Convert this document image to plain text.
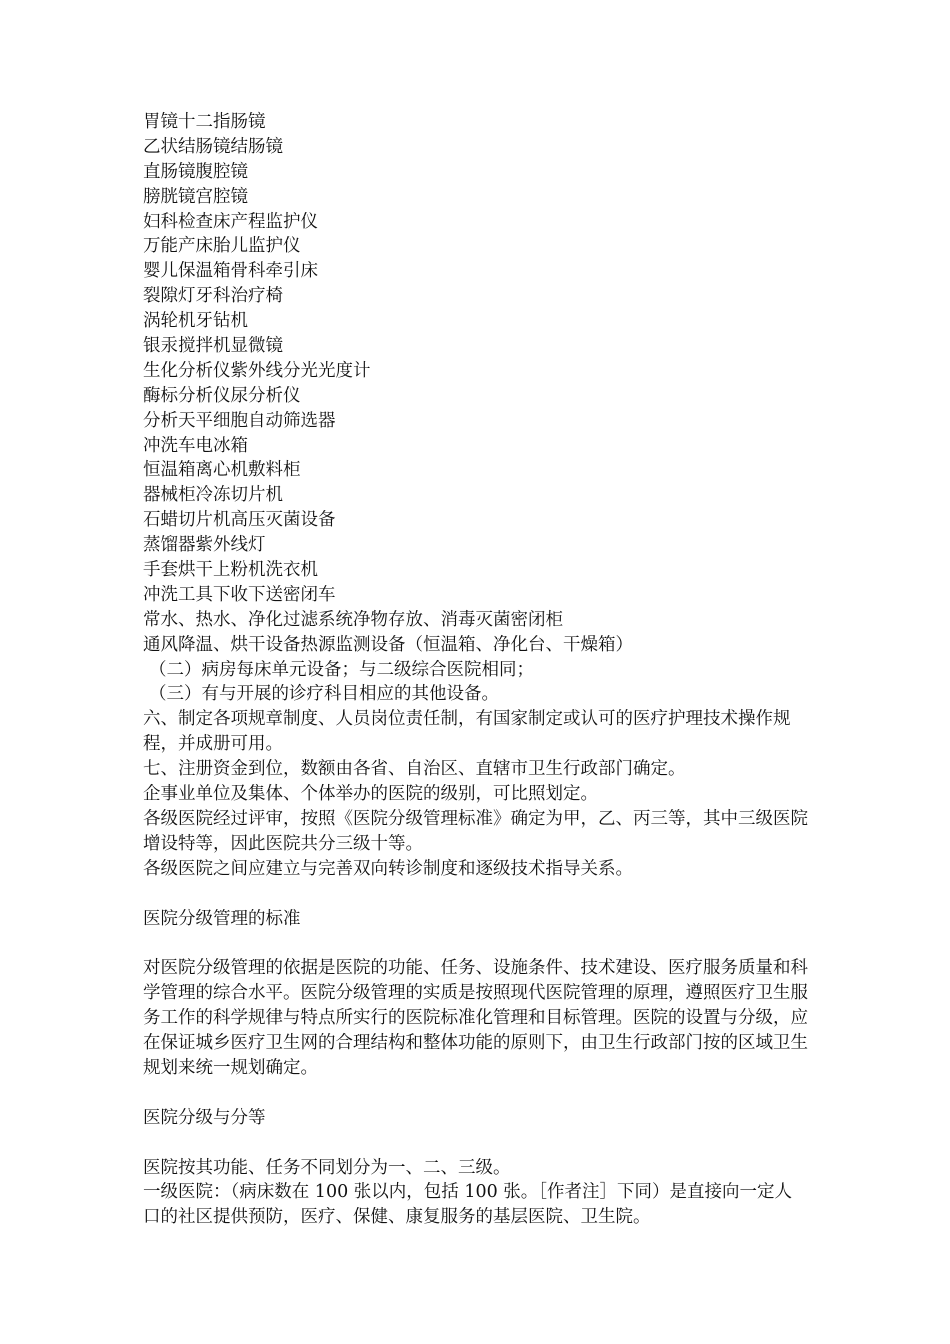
胃镜十二指肠镜
乙状结肠镜结肠镜
直肠镜腹腔镜
膀胱镜宫腔镜
妇科检查床产程监护仪
万能产床胎儿监护仪
婴儿保温箱骨科牵引床
裂隙灯牙科治疗椅
涡轮机牙钻机
银汞搅拌机显微镜
生化分析仪紫外线分光光度计
酶标分析仪尿分析仪
分析天平细胞自动筛选器
冲洗车电冰箱
恒温箱离心机敷料柜
器械柜冷冻切片机
石蜡切片机高压灭菌设备
蒸馏器紫外线灯
手套烘干上粉机洗衣机
冲洗工具下收下送密闭车
常水、热水、净化过滤系统净物存放、消毒灭菌密闭柜
通风降温、烘干设备热源监测设备（恒温箱、净化台、干燥箱）
（二）病房每床单元设备；与二级综合医院相同；
（三）有与开展的诊疗科目相应的其他设备。

六、制定各项规章制度、人员岗位责任制，有国家制定或认可的医疗护理技术操作规程，并成册可用。

七、注册资金到位，数额由各省、自治区、直辖市卫生行政部门确定。
企事业单位及集体、个体举办的医院的级别，可比照划定。

各级医院经过评审，按照《医院分级管理标准》确定为甲，乙、丙三等，其中三级医院增设特等，因此医院共分三级十等。

各级医院之间应建立与完善双向转诊制度和逐级技术指导关系。
医院分级管理的标准

对医院分级管理的依据是医院的功能、任务、设施条件、技术建设、医疗服务质量和科学管理的综合水平。医院分级管理的实质是按照现代医院管理的原理，遵照医疗卫生服务工作的科学规律与特点所实行的医院标准化管理和目标管理。医院的设置与分级，应在保证城乡医疗卫生网的合理结构和整体功能的原则下，由卫生行政部门按的区域卫生规划来统一规划确定。

医院分级与分等
医院按其功能、任务不同划分为一、二、三级。

一级医院：（病床数在 100 张以内，包括 100 张。［作者注］下同）是直接向一定人口的社区提供预防，医疗、保健、康复服务的基层医院、卫生院。
